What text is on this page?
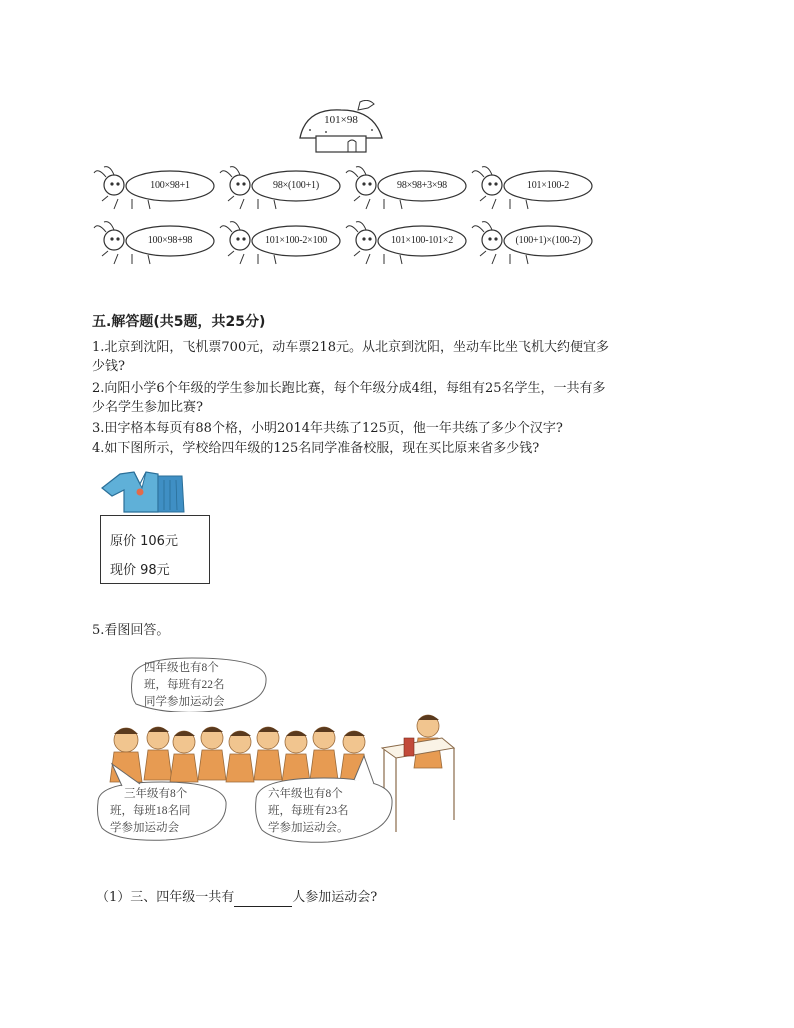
101×98
100×98+1	98×(100+1)	98×98+3×98	101×100-2
100×98+98	101×100-2×100	101×100-101×2	(100+1)×(100-2)
五.解答题(共5题，共25分)
1.北京到沈阳，飞机票700元，动车票218元。从北京到沈阳，坐动车比坐飞机大约便宜多
少钱?
2.向阳小学6个年级的学生参加长跑比赛，每个年级分成4组，每组有25名学生，一共有多
少名学生参加比赛?
3.田字格本每页有88个格，小明2014年共练了125页，他一年共练了多少个汉字?
4.如下图所示，学校给四年级的125名同学准备校服，现在买比原来省多少钱?
原价 106元
现价 98元
5.看图回答。
四年级也有8个
班，每班有22名
同学参加运动会
三年级有8个
班，每班18名同
学参加运动会
六年级也有8个
班，每班有23名
学参加运动会。
（1）三、四年级一共有	人参加运动会?
